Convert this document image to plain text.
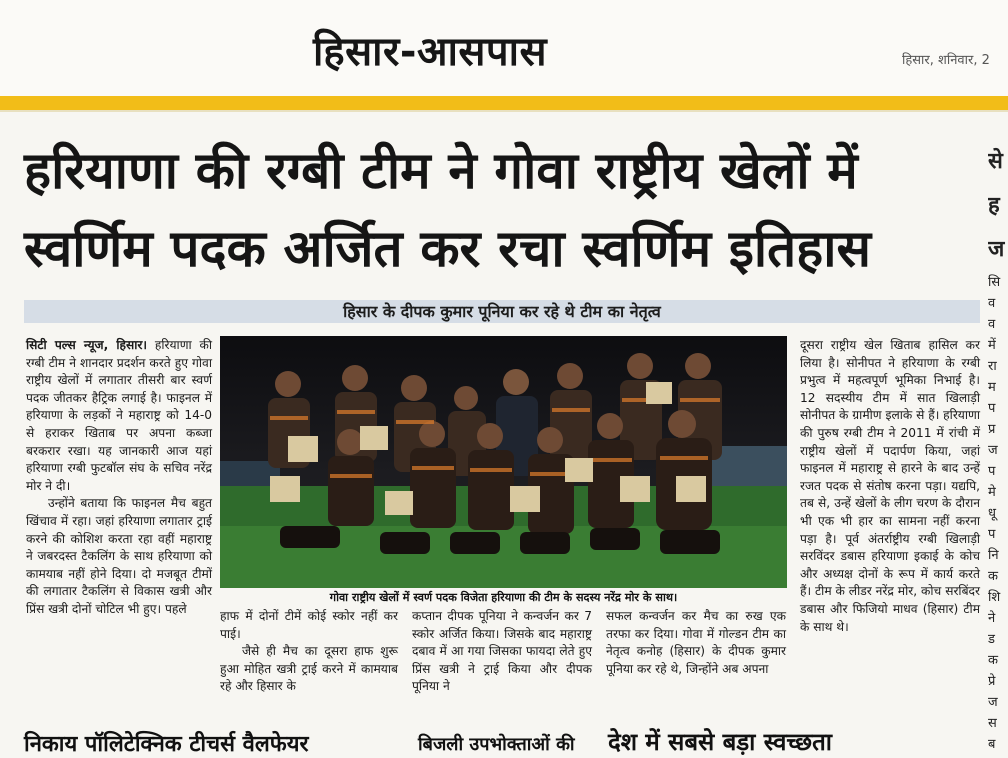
हिसार-आसपास	हिसार, शनिवार, 2
हरियाणा की रग्बी टीम ने गोवा राष्ट्रीय खेलों में
स्वर्णिम पदक अर्जित कर रचा स्वर्णिम इतिहास
हिसार के दीपक कुमार पूनिया कर रहे थे टीम का नेतृत्व

सिटी पल्स न्यूज, हिसार। हरियाणा की रग्बी टीम ने शानदार प्रदर्शन करते हुए गोवा राष्ट्रीय खेलों में लगातार तीसरी बार स्वर्ण पदक जीतकर हैट्रिक लगाई है। फाइनल में हरियाणा के लड़कों ने महाराष्ट्र को 14-0 से हराकर खिताब पर अपना कब्जा बरकरार रखा। यह जानकारी आज यहां हरियाणा रग्बी फुटबॉल संघ के सचिव नरेंद्र मोर ने दी।

उन्होंने बताया कि फाइनल मैच बहुत खिंचाव में रहा। जहां हरियाणा लगातार ट्राई करने की कोशिश करता रहा वहीं महाराष्ट्र ने जबरदस्त टैकलिंग के साथ हरियाणा को कामयाब नहीं होने दिया। दो मजबूत टीमों की लगातार टैकलिंग से विकास खत्री और प्रिंस खत्री दोनों चोटिल भी हुए। पहले

गोवा राष्ट्रीय खेलों में स्वर्ण पदक विजेता हरियाणा की टीम के सदस्य नरेंद्र मोर के साथ।

हाफ में दोनों टीमें कोई स्कोर नहीं कर पाई।

जैसे ही मैच का दूसरा हाफ शुरू हुआ मोहित खत्री ट्राई करने में कामयाब रहे और हिसार के

कप्तान दीपक पूनिया ने कन्वर्जन कर 7 स्कोर अर्जित किया। जिसके बाद महाराष्ट्र दबाव में आ गया जिसका फायदा लेते हुए प्रिंस खत्री ने ट्राई किया और दीपक पूनिया ने

सफल कन्वर्जन कर मैच का रुख एक तरफा कर दिया। गोवा में गोल्डन टीम का नेतृत्व कनोह (हिसार) के दीपक कुमार पूनिया कर रहे थे, जिन्होंने अब अपना

दूसरा राष्ट्रीय खेल खिताब हासिल कर लिया है। सोनीपत ने हरियाणा के रग्बी प्रभुत्व में महत्वपूर्ण भूमिका निभाई है। 12 सदस्यीय टीम में सात खिलाड़ी सोनीपत के ग्रामीण इलाके से हैं। हरियाणा की पुरुष रग्बी टीम ने 2011 में रांची में राष्ट्रीय खेलों में पदार्पण किया, जहां फाइनल में महाराष्ट्र से हारने के बाद उन्हें रजत पदक से संतोष करना पड़ा। यद्यपि, तब से, उन्हें खेलों के लीग चरण के दौरान भी एक भी हार का सामना नहीं करना पड़ा है। पूर्व अंतर्राष्ट्रीय रग्बी खिलाड़ी सरविंदर डबास हरियाणा इकाई के कोच और अध्यक्ष दोनों के रूप में कार्य करते हैं। टीम के लीडर नरेंद्र मोर, कोच सरबिंदर डबास और फिजियो माधव (हिसार) टीम के साथ थे।

निकाय पॉलिटेक्निक टीचर्स वैलफेयर	बिजली उपभोक्ताओं की देश में सबसे बड़ा स्वच्छता
से
ह
ज
सि
व
व
में
रा
म
प
प्र
ज
प
मे
धू
प
नि
क
शि
ने
ड
क
प्रे
ज
स
ब
